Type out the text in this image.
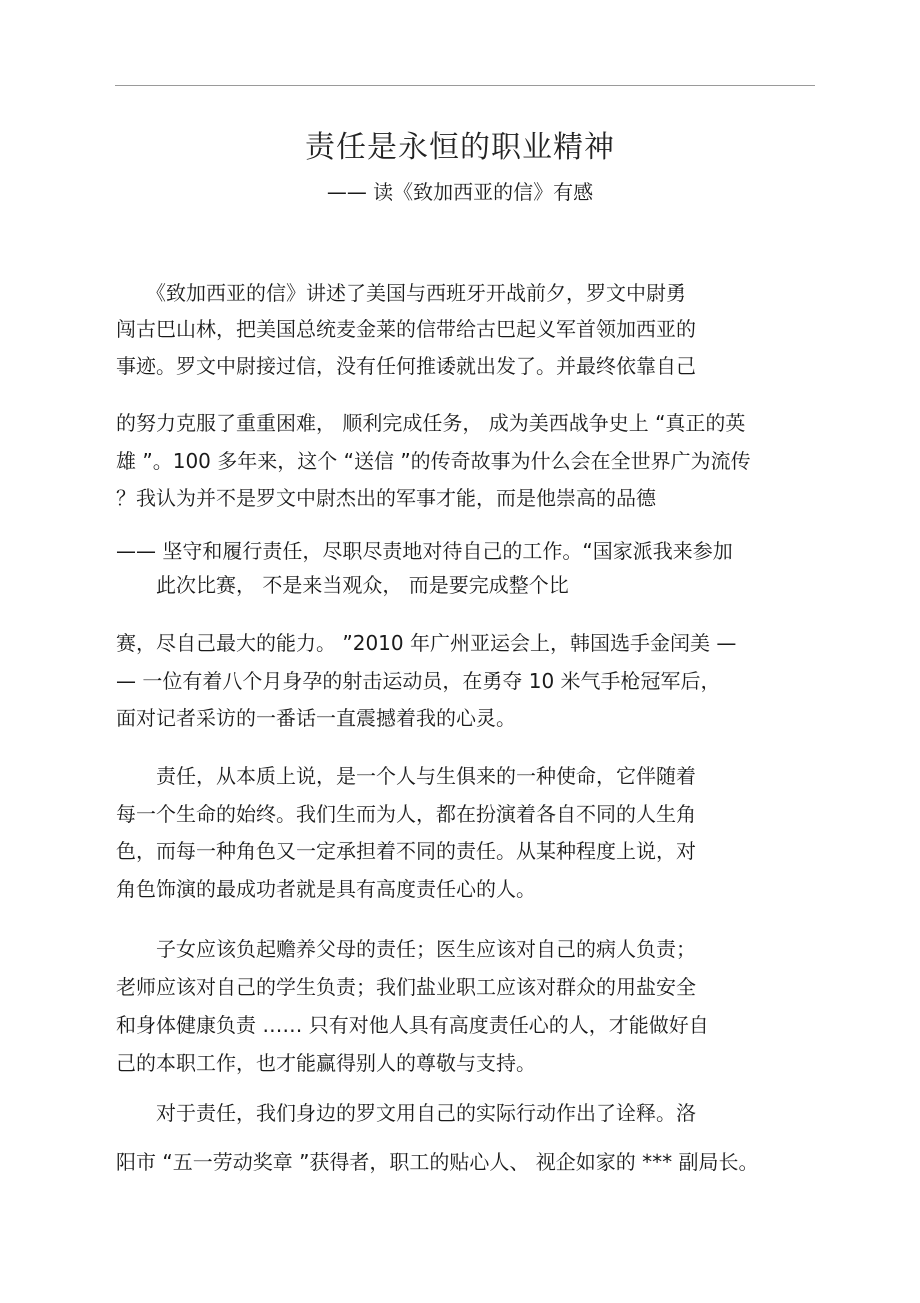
责任是永恒的职业精神
—— 读《致加西亚的信》有感
　　《致加西亚的信》讲述了美国与西班牙开战前夕，罗文中尉勇
闯古巴山林，把美国总统麦金莱的信带给古巴起义军首领加西亚的
事迹。罗文中尉接过信，没有任何推诿就出发了。并最终依靠自己
的努力克服了重重困难， 顺利完成任务， 成为美西战争史上 “真正的英
雄 ”。100 多年来，这个 “送信 ”的传奇故事为什么会在全世界广为流传
？我认为并不是罗文中尉杰出的军事才能，而是他崇高的品德
—— 坚守和履行责任，尽职尽责地对待自己的工作。“国家派我来参加
　　此次比赛， 不是来当观众， 而是要完成整个比
赛，尽自己最大的能力。 ”2010 年广州亚运会上，韩国选手金闰美 —
— 一位有着八个月身孕的射击运动员，在勇夺 10 米气手枪冠军后，
面对记者采访的一番话一直震撼着我的心灵。
　　责任，从本质上说，是一个人与生俱来的一种使命，它伴随着
每一个生命的始终。我们生而为人，都在扮演着各自不同的人生角
色，而每一种角色又一定承担着不同的责任。从某种程度上说，对
角色饰演的最成功者就是具有高度责任心的人。
　　子女应该负起赡养父母的责任；医生应该对自己的病人负责；
老师应该对自己的学生负责；我们盐业职工应该对群众的用盐安全
和身体健康负责 …… 只有对他人具有高度责任心的人，才能做好自
己的本职工作，也才能赢得别人的尊敬与支持。
　　对于责任，我们身边的罗文用自己的实际行动作出了诠释。洛
阳市 “五一劳动奖章 ”获得者，职工的贴心人、 视企如家的 *** 副局长。
